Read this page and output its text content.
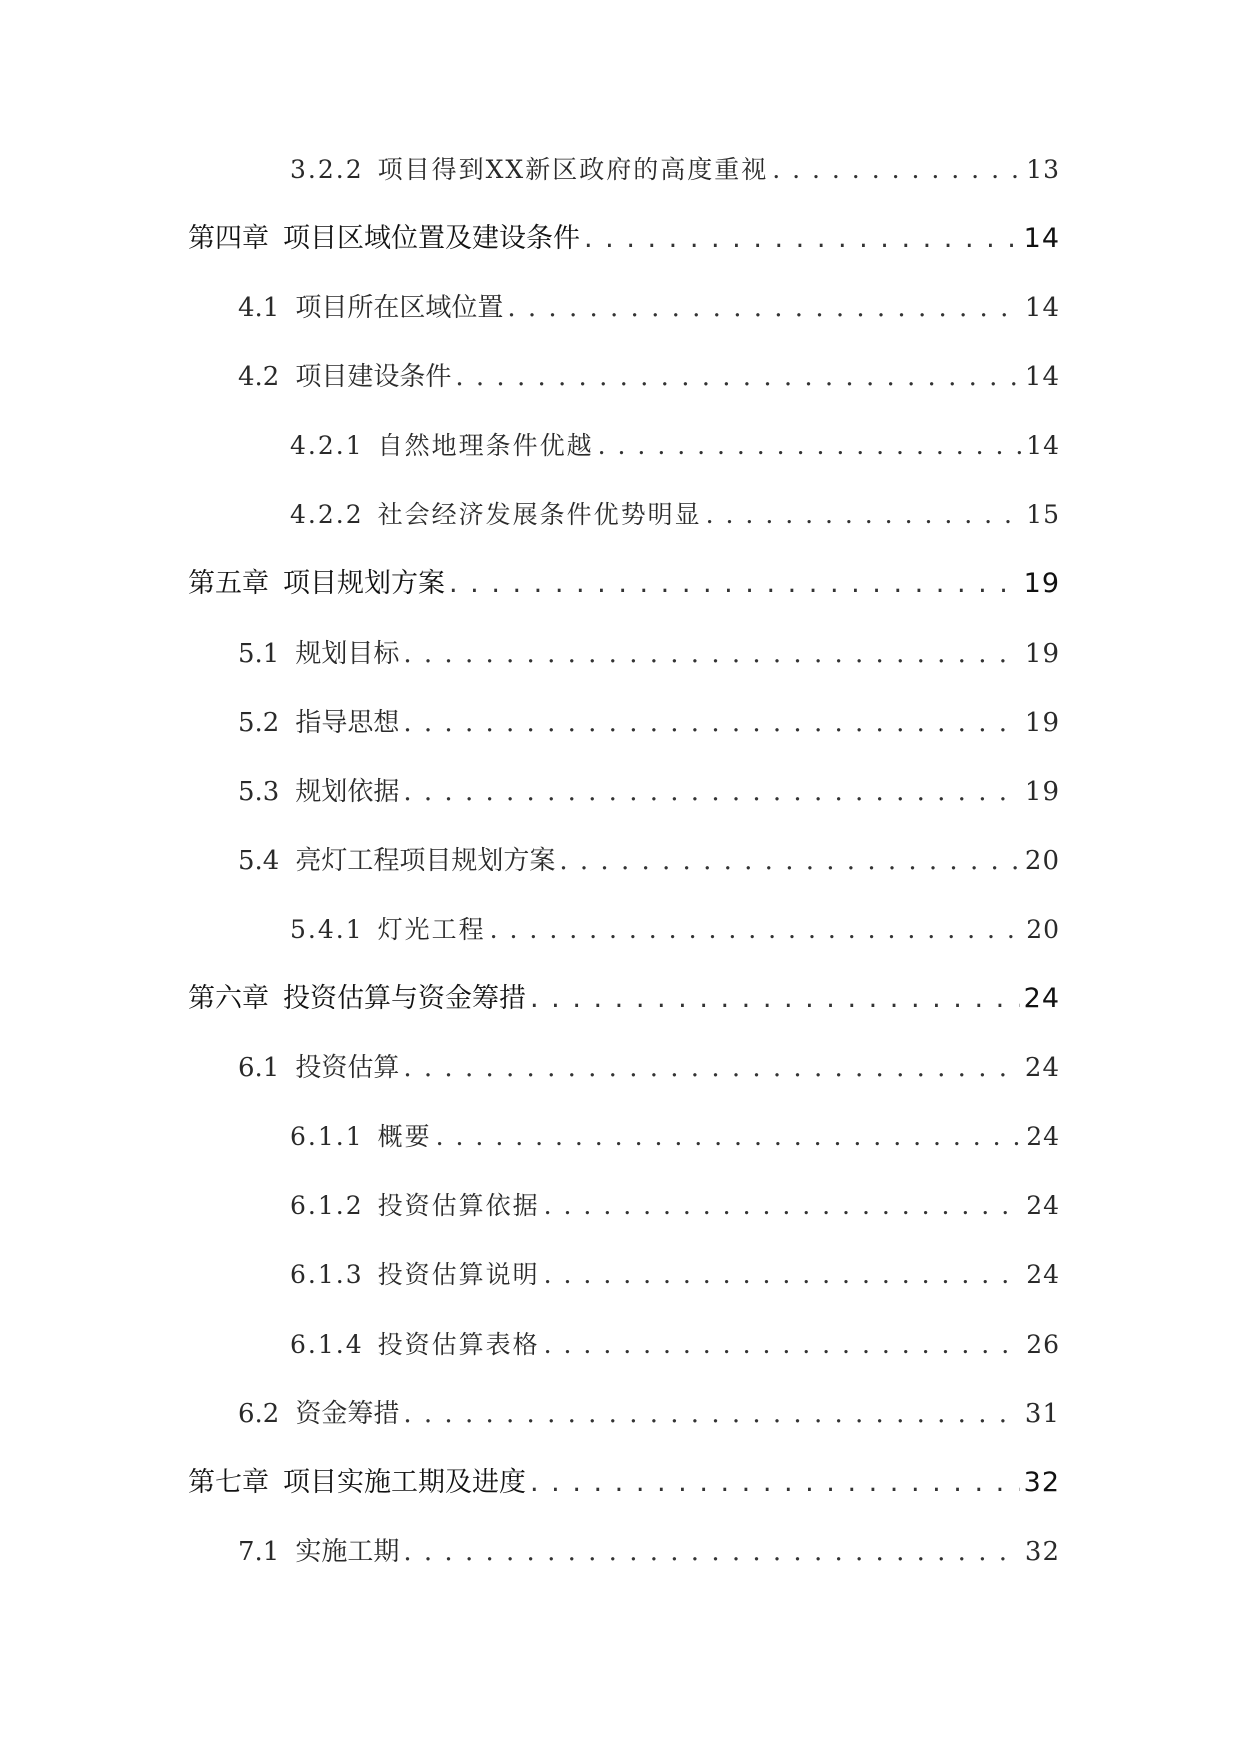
3.2.2 项目得到XX新区政府的高度重视 . . .	13
第四章 项目区域位置及建设条件 . . .	14
4.1 项目所在区域位置 . . .	14
4.2 项目建设条件 . . .	14
4.2.1 自然地理条件优越 . . .	14
4.2.2 社会经济发展条件优势明显 . . .	15
第五章 项目规划方案 . . .	19
5.1 规划目标 . . .	19
5.2 指导思想 . . .	19
5.3 规划依据 . . .	19
5.4 亮灯工程项目规划方案 . . .	20
5.4.1 灯光工程 . . .	20
第六章 投资估算与资金筹措 . . .	24
6.1 投资估算 . . .	24
6.1.1 概要 . . .	24
6.1.2 投资估算依据 . . .	24
6.1.3 投资估算说明 . . .	24
6.1.4 投资估算表格 . . .	26
6.2 资金筹措 . . .	31
第七章 项目实施工期及进度 . . .	32
7.1 实施工期 . . .	32
